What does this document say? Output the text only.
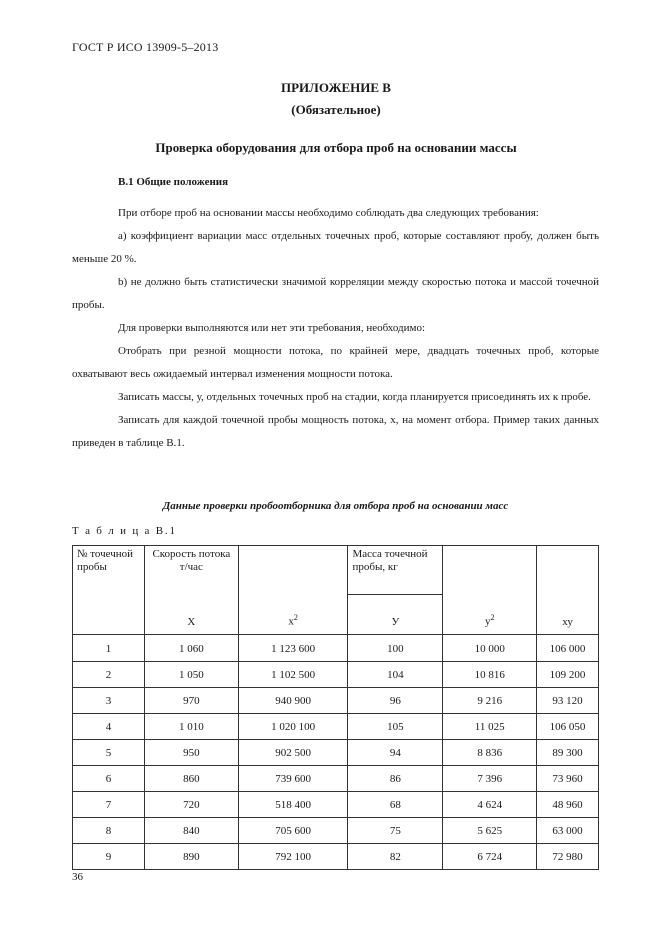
ГОСТ Р ИСО 13909-5–2013
ПРИЛОЖЕНИЕ В
(Обязательное)
Проверка оборудования для отбора проб на основании массы
В.1 Общие положения

При отборе проб на основании массы необходимо соблюдать два следующих требования:

а) коэффициент вариации масс отдельных точечных проб, которые составляют пробу, должен быть меньше 20 %.

b) не должно быть статистически значимой корреляции между скоростью потока и массой точечной пробы.

Для проверки выполняются или нет эти требования, необходимо:

Отобрать при резной мощности потока, по крайней мере, двадцать точечных проб, которые охватывают весь ожидаемый интервал изменения мощности потока.

Записать массы, у, отдельных точечных проб на стадии, когда планируется присоединять их к пробе.

Записать для каждой точечной пробы мощность потока, х, на момент отбора. Пример таких данных приведен в таблице В.1.

Данные проверки пробоотборника для отбора проб на основании масс
Т а б л и ц а В.1
№ точечной пробы	Скорость потока т/час		Масса точечной пробы, кг		
	Х	$х^2$	У	$у^2$	ху
1	1 060	1 123 600	100	10 000	106 000
2	1 050	1 102 500	104	10 816	109 200
3	970	940 900	96	9 216	93 120
4	1 010	1 020 100	105	11 025	106 050
5	950	902 500	94	8 836	89 300
6	860	739 600	86	7 396	73 960
7	720	518 400	68	4 624	48 960
8	840	705 600	75	5 625	63 000
9	890	792 100	82	6 724	72 980
36
